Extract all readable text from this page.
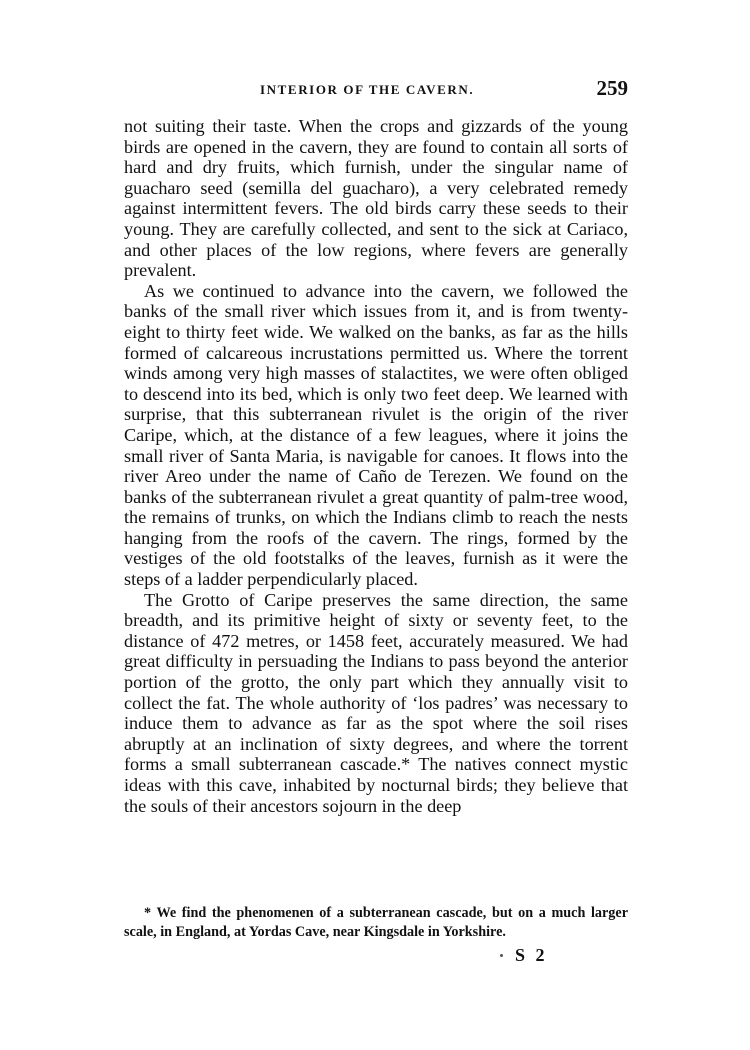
INTERIOR OF THE CAVERN.	259

not suiting their taste. When the crops and gizzards of the young birds are opened in the cavern, they are found to contain all sorts of hard and dry fruits, which furnish, under the singular name of guacharo seed (semilla del guacharo), a very celebrated remedy against intermittent fevers. The old birds carry these seeds to their young. They are carefully collected, and sent to the sick at Cariaco, and other places of the low regions, where fevers are generally prevalent.

As we continued to advance into the cavern, we followed the banks of the small river which issues from it, and is from twenty-eight to thirty feet wide. We walked on the banks, as far as the hills formed of calcareous incrustations permitted us. Where the torrent winds among very high masses of stalactites, we were often obliged to descend into its bed, which is only two feet deep. We learned with surprise, that this subterranean rivulet is the origin of the river Caripe, which, at the distance of a few leagues, where it joins the small river of Santa Maria, is navigable for canoes. It flows into the river Areo under the name of Caño de Terezen. We found on the banks of the subterranean rivulet a great quantity of palm-tree wood, the remains of trunks, on which the Indians climb to reach the nests hanging from the roofs of the cavern. The rings, formed by the vestiges of the old footstalks of the leaves, furnish as it were the steps of a ladder perpendicularly placed.

The Grotto of Caripe preserves the same direction, the same breadth, and its primitive height of sixty or seventy feet, to the distance of 472 metres, or 1458 feet, accurately measured. We had great difficulty in persuading the Indians to pass beyond the anterior portion of the grotto, the only part which they annually visit to collect the fat. The whole authority of ‘los padres’ was necessary to induce them to advance as far as the spot where the soil rises abruptly at an inclination of sixty degrees, and where the torrent forms a small subterranean cascade.* The natives connect mystic ideas with this cave, inhabited by nocturnal birds; they believe that the souls of their ancestors sojourn in the deep

* We find the phenomenen of a subterranean cascade, but on a much larger scale, in England, at Yordas Cave, near Kingsdale in Yorkshire.

S 2
